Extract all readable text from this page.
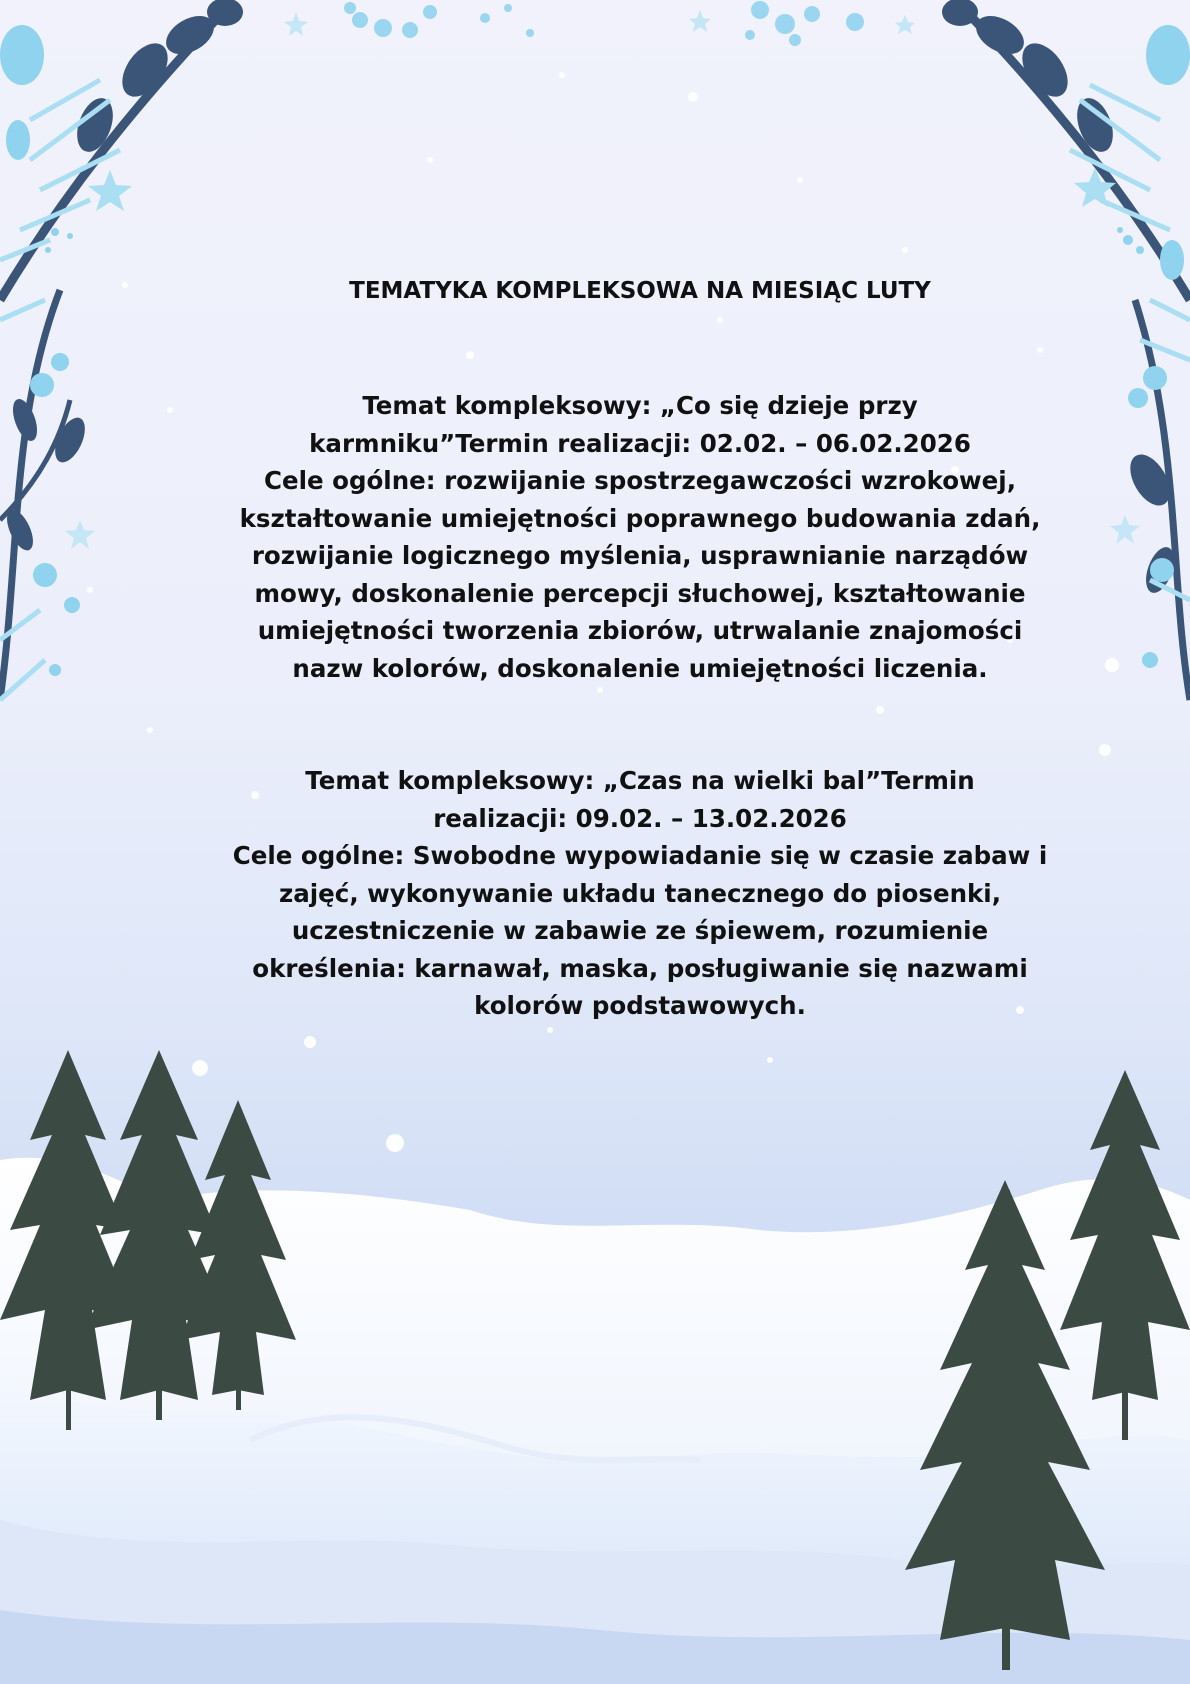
TEMATYKA KOMPLEKSOWA NA MIESIĄC LUTY

Temat kompleksowy: „Co się dzieje przy

karmniku”Termin realizacji: 02.02. – 06.02.2026

Cele ogólne: rozwijanie spostrzegawczości wzrokowej,

kształtowanie umiejętności poprawnego budowania zdań,

rozwijanie logicznego myślenia, usprawnianie narządów

mowy, doskonalenie percepcji słuchowej, kształtowanie

umiejętności tworzenia zbiorów, utrwalanie znajomości

nazw kolorów, doskonalenie umiejętności liczenia.

Temat kompleksowy: „Czas na wielki bal”Termin

realizacji: 09.02. – 13.02.2026

Cele ogólne: Swobodne wypowiadanie się w czasie zabaw i

zajęć, wykonywanie układu tanecznego do piosenki,

uczestniczenie w zabawie ze śpiewem, rozumienie

określenia: karnawał, maska, posługiwanie się nazwami

kolorów podstawowych.
